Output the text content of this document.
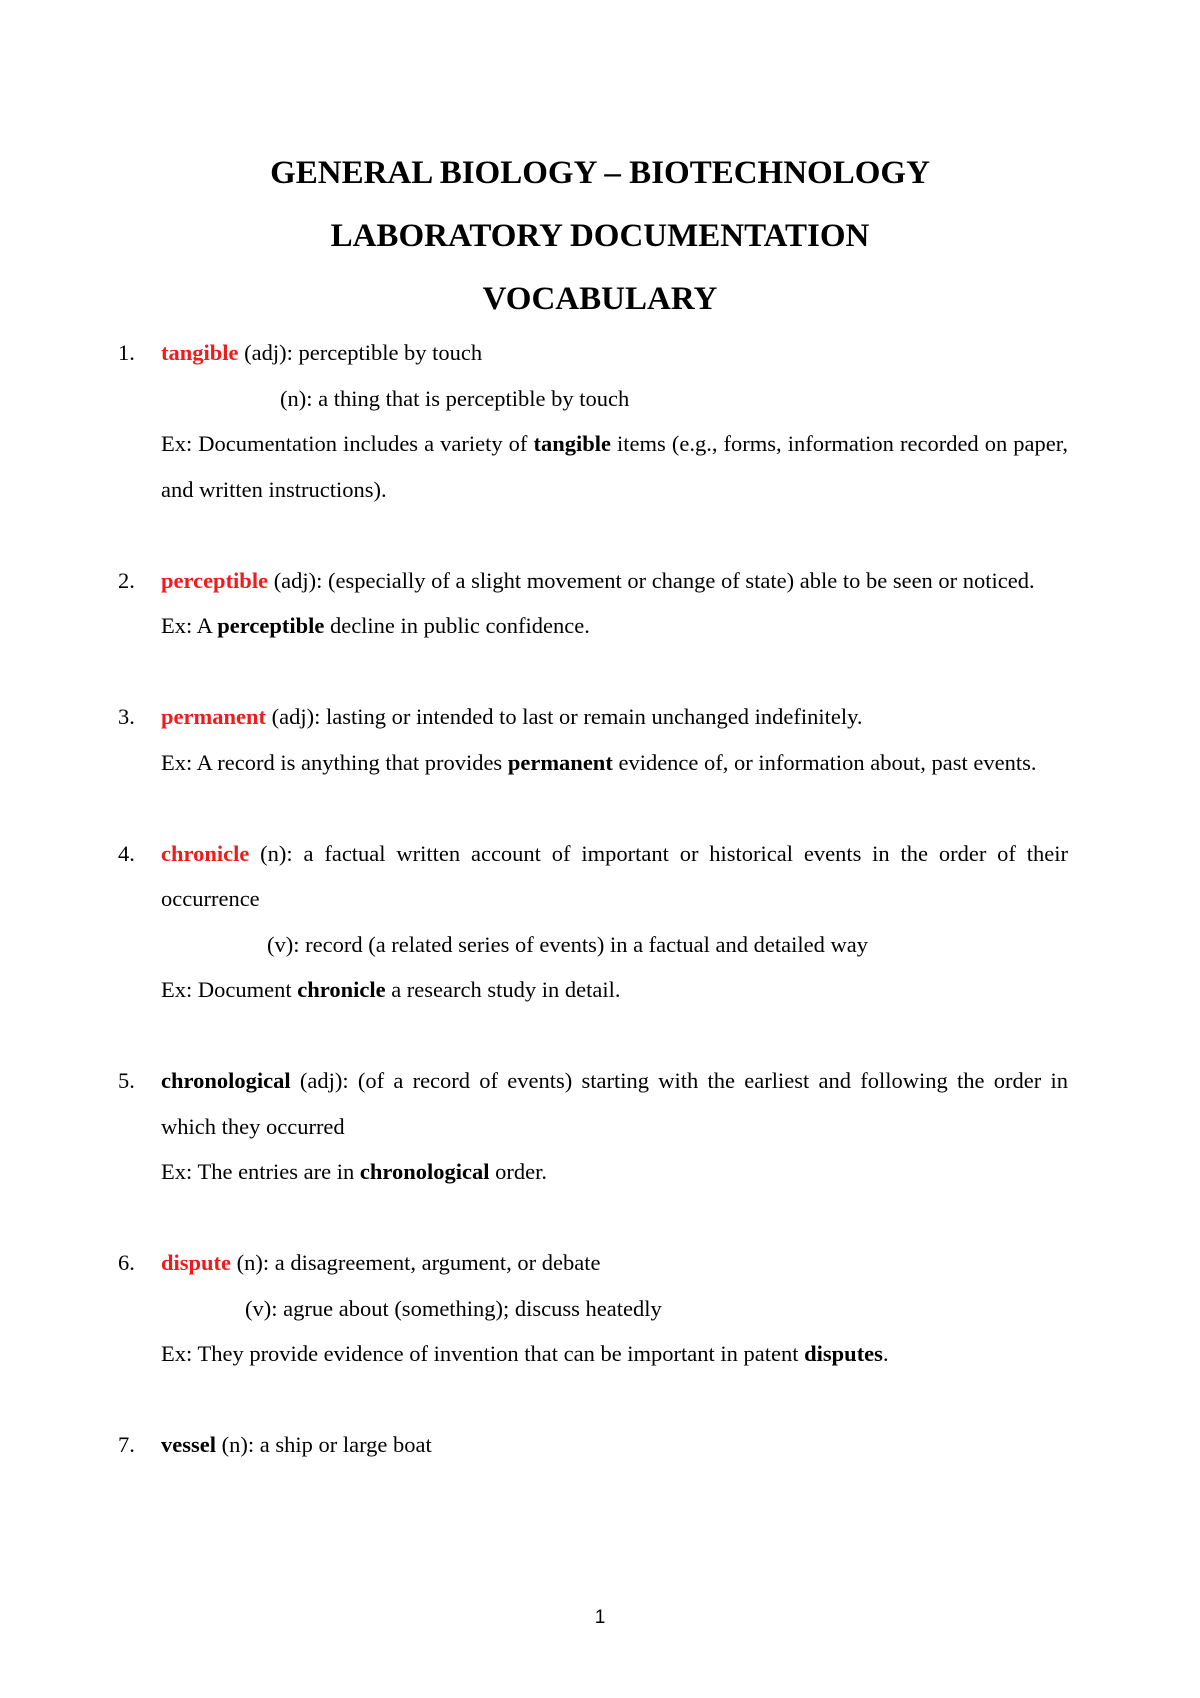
GENERAL BIOLOGY – BIOTECHNOLOGY

LABORATORY DOCUMENTATION

VOCABULARY

1. tangible (adj): perceptible by touch
(n): a thing that is perceptible by touch
Ex: Documentation includes a variety of tangible items (e.g., forms, information recorded on paper, and written instructions).
2. perceptible (adj): (especially of a slight movement or change of state) able to be seen or noticed.
Ex: A perceptible decline in public confidence.
3. permanent (adj): lasting or intended to last or remain unchanged indefinitely.
Ex: A record is anything that provides permanent evidence of, or information about, past events.
4. chronicle (n): a factual written account of important or historical events in the order of their occurrence
(v): record (a related series of events) in a factual and detailed way
Ex: Document chronicle a research study in detail.
5. chronological (adj): (of a record of events) starting with the earliest and following the order in which they occurred
Ex: The entries are in chronological order.
6. dispute (n): a disagreement, argument, or debate
(v): agrue about (something); discuss heatedly
Ex: They provide evidence of invention that can be important in patent disputes.
7. vessel (n): a ship or large boat
1
